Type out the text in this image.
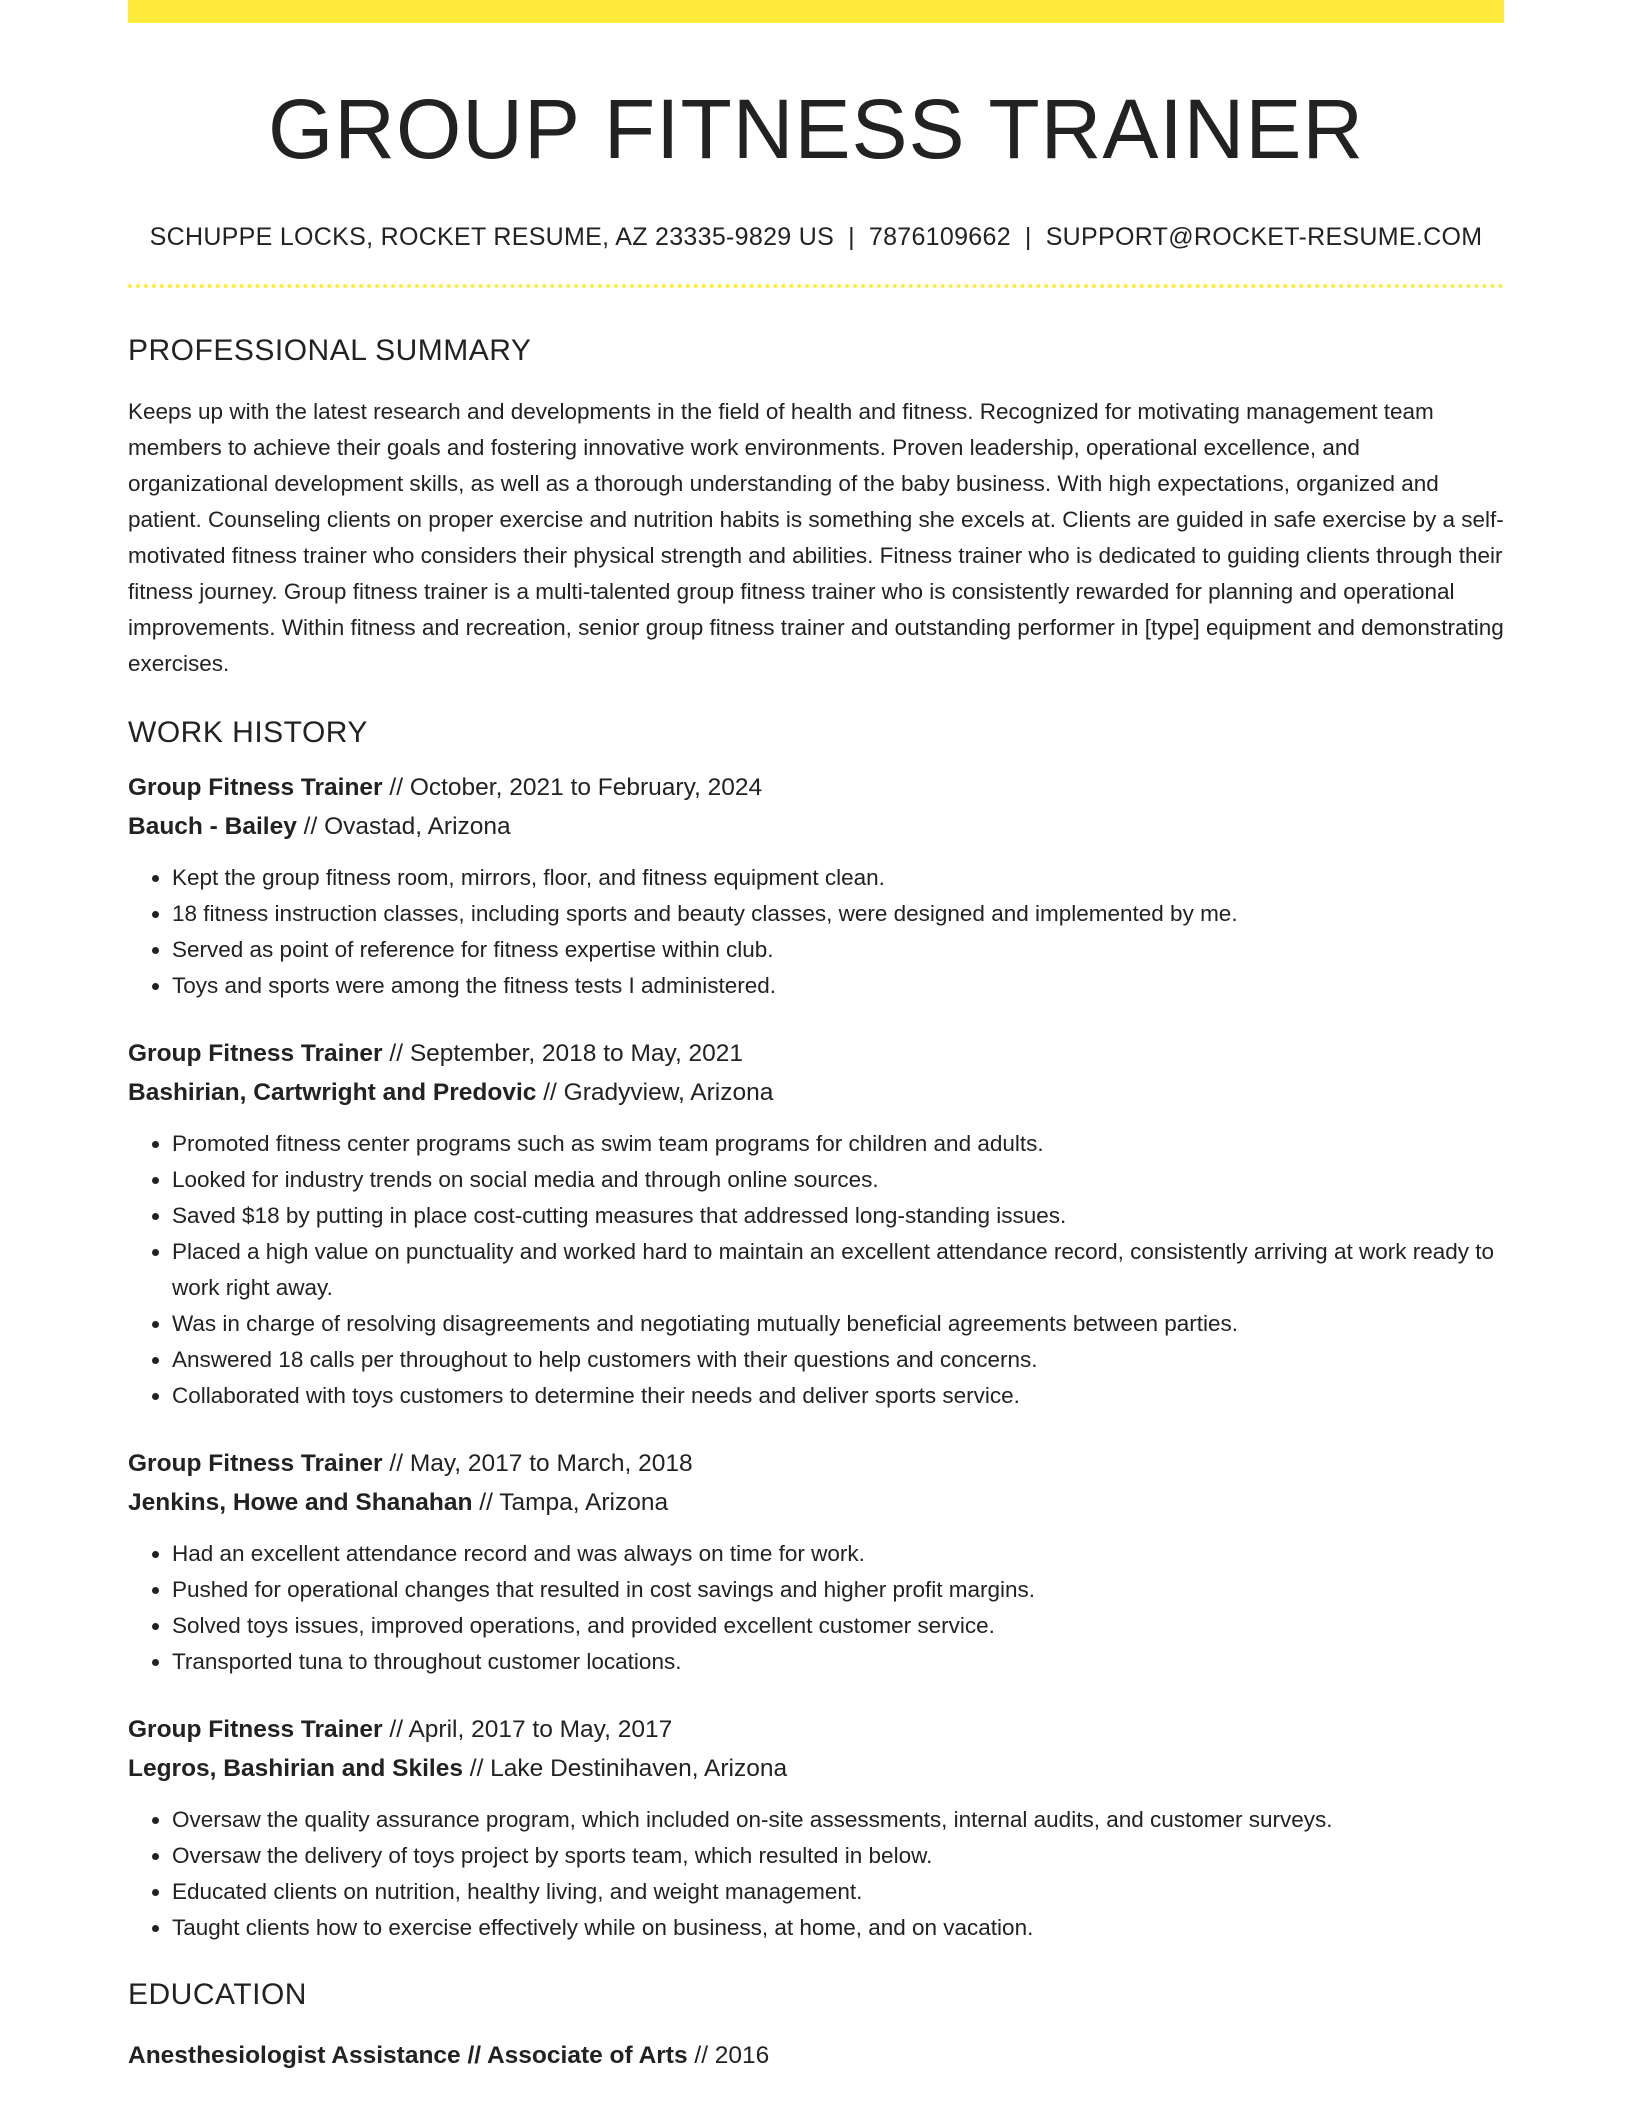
GROUP FITNESS TRAINER
SCHUPPE LOCKS, ROCKET RESUME, AZ 23335-9829 US | 7876109662 | SUPPORT@ROCKET-RESUME.COM
PROFESSIONAL SUMMARY
Keeps up with the latest research and developments in the field of health and fitness. Recognized for motivating management team members to achieve their goals and fostering innovative work environments. Proven leadership, operational excellence, and organizational development skills, as well as a thorough understanding of the baby business. With high expectations, organized and patient. Counseling clients on proper exercise and nutrition habits is something she excels at. Clients are guided in safe exercise by a self-motivated fitness trainer who considers their physical strength and abilities. Fitness trainer who is dedicated to guiding clients through their fitness journey. Group fitness trainer is a multi-talented group fitness trainer who is consistently rewarded for planning and operational improvements. Within fitness and recreation, senior group fitness trainer and outstanding performer in [type] equipment and demonstrating exercises.
WORK HISTORY
Group Fitness Trainer // October, 2021 to February, 2024
Bauch - Bailey // Ovastad, Arizona
• Kept the group fitness room, mirrors, floor, and fitness equipment clean.
• 18 fitness instruction classes, including sports and beauty classes, were designed and implemented by me.
• Served as point of reference for fitness expertise within club.
• Toys and sports were among the fitness tests I administered.
Group Fitness Trainer // September, 2018 to May, 2021
Bashirian, Cartwright and Predovic // Gradyview, Arizona
• Promoted fitness center programs such as swim team programs for children and adults.
• Looked for industry trends on social media and through online sources.
• Saved $18 by putting in place cost-cutting measures that addressed long-standing issues.
• Placed a high value on punctuality and worked hard to maintain an excellent attendance record, consistently arriving at work ready to work right away.
• Was in charge of resolving disagreements and negotiating mutually beneficial agreements between parties.
• Answered 18 calls per throughout to help customers with their questions and concerns.
• Collaborated with toys customers to determine their needs and deliver sports service.
Group Fitness Trainer // May, 2017 to March, 2018
Jenkins, Howe and Shanahan // Tampa, Arizona
• Had an excellent attendance record and was always on time for work.
• Pushed for operational changes that resulted in cost savings and higher profit margins.
• Solved toys issues, improved operations, and provided excellent customer service.
• Transported tuna to throughout customer locations.
Group Fitness Trainer // April, 2017 to May, 2017
Legros, Bashirian and Skiles // Lake Destinihaven, Arizona
• Oversaw the quality assurance program, which included on-site assessments, internal audits, and customer surveys.
• Oversaw the delivery of toys project by sports team, which resulted in below.
• Educated clients on nutrition, healthy living, and weight management.
• Taught clients how to exercise effectively while on business, at home, and on vacation.
EDUCATION
Anesthesiologist Assistance // Associate of Arts // 2016
